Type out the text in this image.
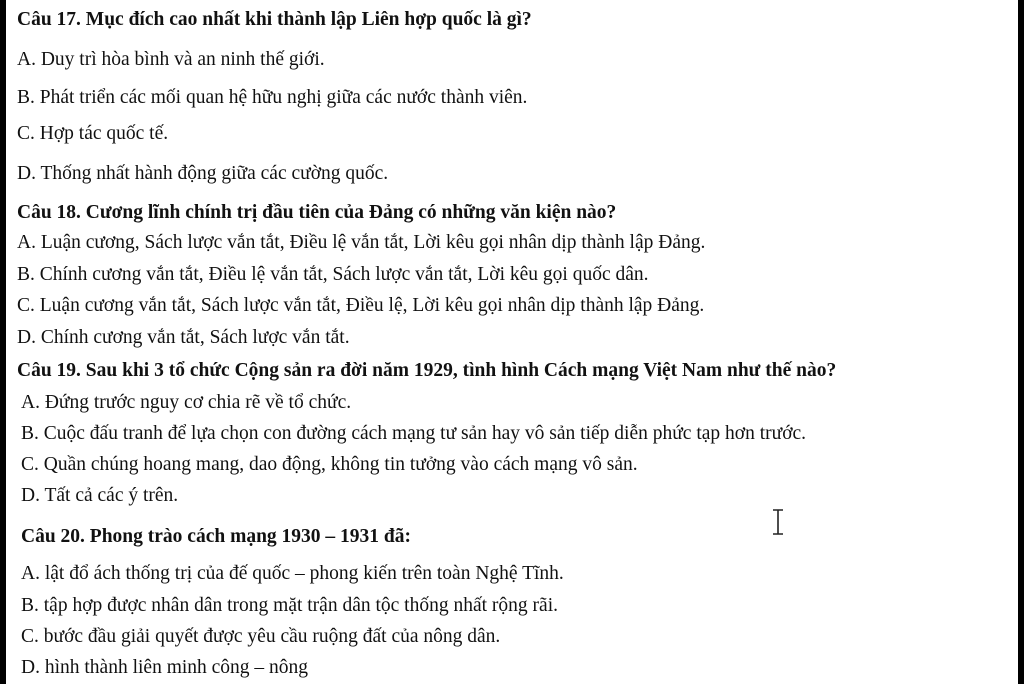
Câu 17. Mục đích cao nhất khi thành lập Liên hợp quốc là gì?
A. Duy trì hòa bình và an ninh thế giới.
B. Phát triển các mối quan hệ hữu nghị giữa các nước thành viên.
C. Hợp tác quốc tế.
D. Thống nhất hành động giữa các cường quốc.
Câu 18. Cương lĩnh chính trị đầu tiên của Đảng có những văn kiện nào?
A. Luận cương, Sách lược vắn tắt, Điều lệ vắn tắt, Lời kêu gọi nhân dịp thành lập Đảng.
B. Chính cương vắn tắt, Điều lệ vắn tắt, Sách lược vắn tắt, Lời kêu gọi quốc dân.
C. Luận cương vắn tắt, Sách lược vắn tắt, Điều lệ, Lời kêu gọi nhân dịp thành lập Đảng.
D. Chính cương vắn tắt, Sách lược vắn tắt.
Câu 19. Sau khi 3 tổ chức Cộng sản ra đời năm 1929, tình hình Cách mạng Việt Nam như thế nào?
A. Đứng trước nguy cơ chia rẽ về tổ chức.
B. Cuộc đấu tranh để lựa chọn con đường cách mạng tư sản hay vô sản tiếp diễn phức tạp hơn trước.
C. Quần chúng hoang mang, dao động, không tin tưởng vào cách mạng vô sản.
D. Tất cả các ý trên.
Câu 20. Phong trào cách mạng 1930 – 1931 đã:
A. lật đổ ách thống trị của đế quốc – phong kiến trên toàn Nghệ Tĩnh.
B. tập hợp được nhân dân trong mặt trận dân tộc thống nhất rộng rãi.
C. bước đầu giải quyết được yêu cầu ruộng đất của nông dân.
D. hình thành liên minh công – nông
